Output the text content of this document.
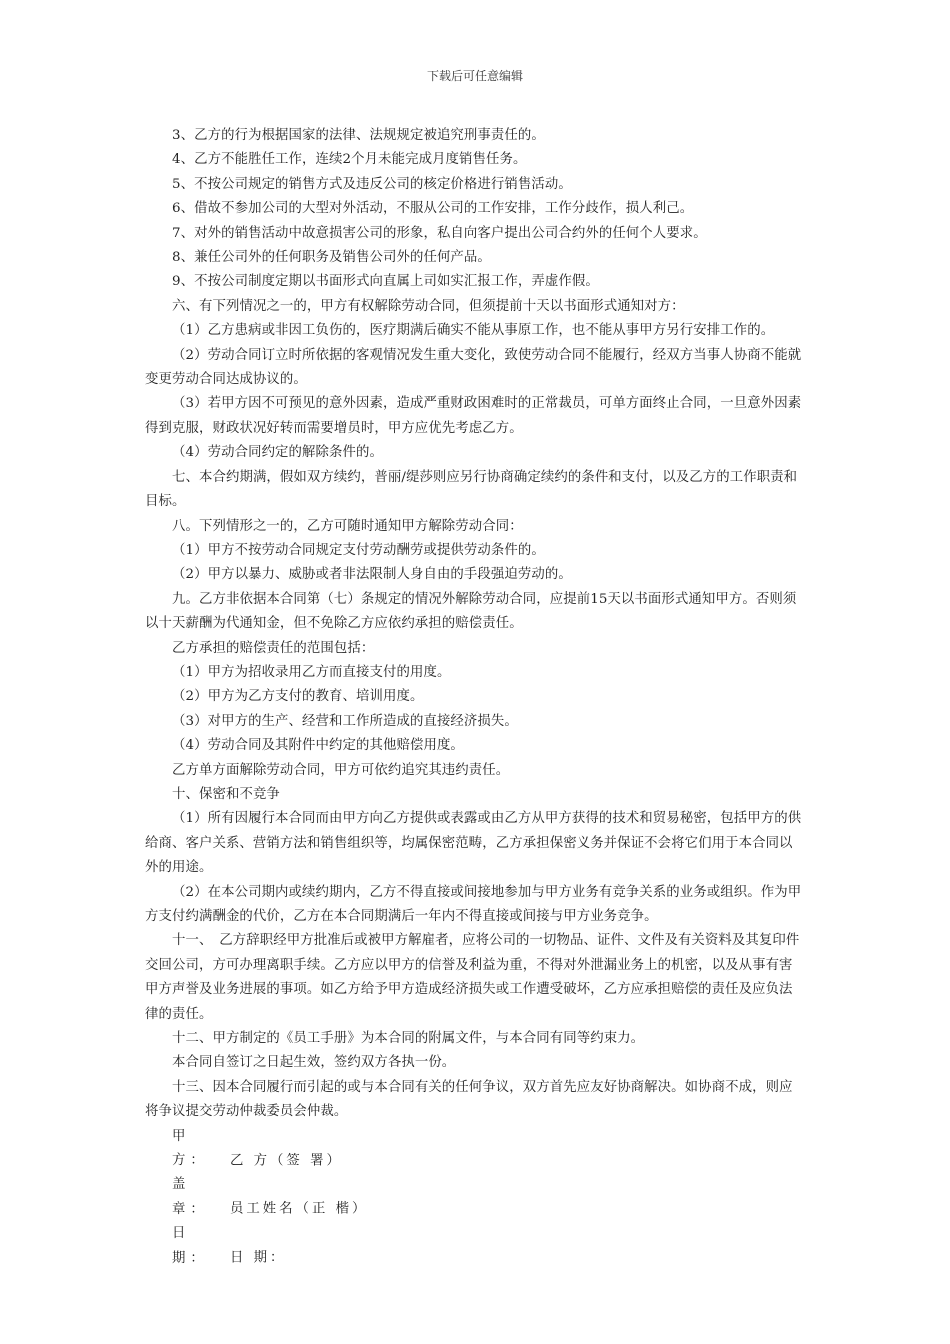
下载后可任意编辑

3、乙方的行为根据国家的法律、法规规定被追究刑事责任的。

4、乙方不能胜任工作，连续2个月未能完成月度销售任务。

5、不按公司规定的销售方式及违反公司的核定价格进行销售活动。

6、借故不参加公司的大型对外活动，不服从公司的工作安排，工作分歧作，损人利己。

7、对外的销售活动中故意损害公司的形象，私自向客户提出公司合约外的任何个人要求。

8、兼任公司外的任何职务及销售公司外的任何产品。

9、不按公司制度定期以书面形式向直属上司如实汇报工作，弄虚作假。

六、有下列情况之一的，甲方有权解除劳动合同，但须提前十天以书面形式通知对方：

（1）乙方患病或非因工负伤的，医疗期满后确实不能从事原工作，也不能从事甲方另行安排工作的。

（2）劳动合同订立时所依据的客观情况发生重大变化，致使劳动合同不能履行，经双方当事人协商不能就变更劳动合同达成协议的。

（3）若甲方因不可预见的意外因素，造成严重财政困难时的正常裁员，可单方面终止合同，一旦意外因素得到克服，财政状况好转而需要增员时，甲方应优先考虑乙方。

（4）劳动合同约定的解除条件的。

七、本合约期满，假如双方续约，普丽/缇莎则应另行协商确定续约的条件和支付，以及乙方的工作职责和目标。

八。下列情形之一的，乙方可随时通知甲方解除劳动合同：

（1）甲方不按劳动合同规定支付劳动酬劳或提供劳动条件的。

（2）甲方以暴力、威胁或者非法限制人身自由的手段强迫劳动的。

九。乙方非依据本合同第（七）条规定的情况外解除劳动合同，应提前15天以书面形式通知甲方。否则须以十天薪酬为代通知金，但不免除乙方应依约承担的赔偿责任。

乙方承担的赔偿责任的范围包括：

（1）甲方为招收录用乙方而直接支付的用度。

（2）甲方为乙方支付的教育、培训用度。

（3）对甲方的生产、经营和工作所造成的直接经济损失。

（4）劳动合同及其附件中约定的其他赔偿用度。

乙方单方面解除劳动合同，甲方可依约追究其违约责任。

十、保密和不竞争

（1）所有因履行本合同而由甲方向乙方提供或表露或由乙方从甲方获得的技术和贸易秘密，包括甲方的供给商、客户关系、营销方法和销售组织等，均属保密范畴，乙方承担保密义务并保证不会将它们用于本合同以外的用途。

（2）在本公司期内或续约期内，乙方不得直接或间接地参加与甲方业务有竞争关系的业务或组织。作为甲方支付约满酬金的代价，乙方在本合同期满后一年内不得直接或间接与甲方业务竞争。

十一、　乙方辞职经甲方批准后或被甲方解雇者，应将公司的一切物品、证件、文件及有关资料及其复印件交回公司，方可办理离职手续。乙方应以甲方的信誉及利益为重，不得对外泄漏业务上的机密，以及从事有害甲方声誉及业务进展的事项。如乙方给予甲方造成经济损失或工作遭受破坏，乙方应承担赔偿的责任及应负法律的责任。

十二、甲方制定的《员工手册》为本合同的附属文件，与本合同有同等约束力。

本合同自签订之日起生效，签约双方各执一份。

十三、因本合同履行而引起的或与本合同有关的任何争议，双方首先应友好协商解决。如协商不成，则应将争议提交劳动仲裁委员会仲裁。

甲 方： 乙 方（签 署）

盖 章： 员工姓名（正 楷）

日 期： 日 期：
